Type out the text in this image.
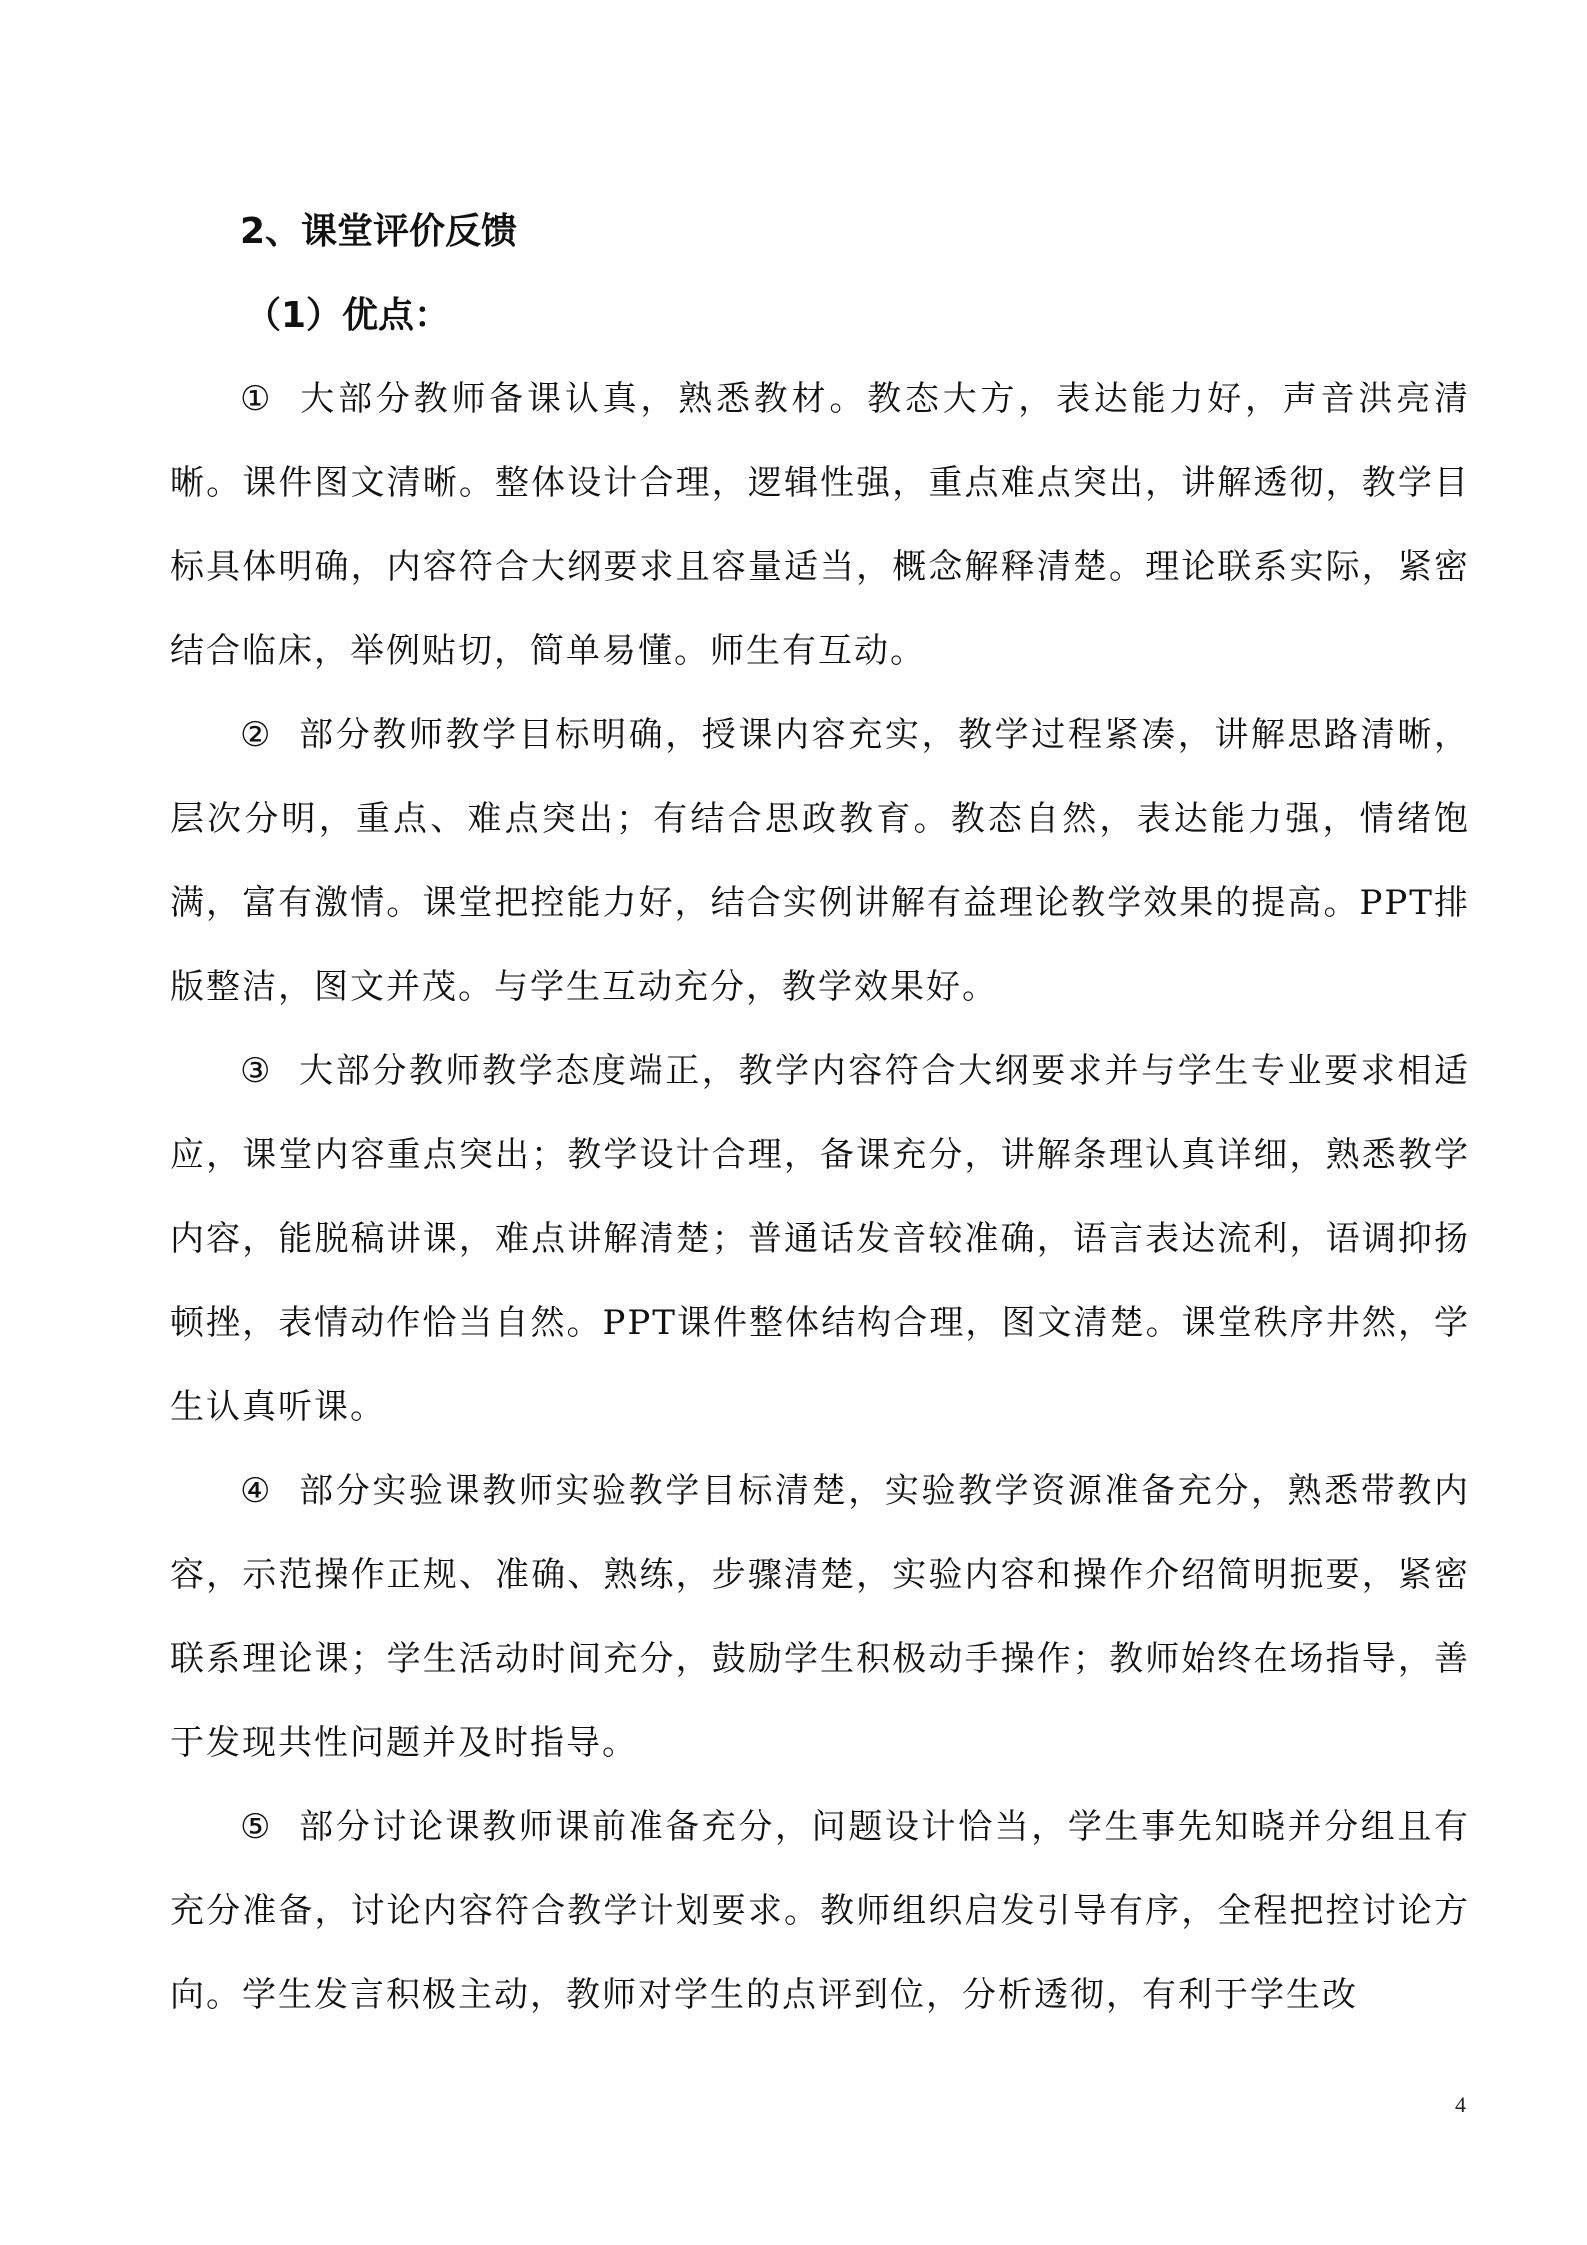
2、课堂评价反馈
（1）优点：

① 大部分教师备课认真，熟悉教材。教态大方，表达能力好，声音洪亮清晰。课件图文清晰。整体设计合理，逻辑性强，重点难点突出，讲解透彻，教学目标具体明确，内容符合大纲要求且容量适当，概念解释清楚。理论联系实际，紧密结合临床，举例贴切，简单易懂。师生有互动。

② 部分教师教学目标明确，授课内容充实，教学过程紧凑，讲解思路清晰，层次分明，重点、难点突出；有结合思政教育。教态自然，表达能力强，情绪饱满，富有激情。课堂把控能力好，结合实例讲解有益理论教学效果的提高。PPT排版整洁，图文并茂。与学生互动充分，教学效果好。

③ 大部分教师教学态度端正，教学内容符合大纲要求并与学生专业要求相适应，课堂内容重点突出；教学设计合理，备课充分，讲解条理认真详细，熟悉教学内容，能脱稿讲课，难点讲解清楚；普通话发音较准确，语言表达流利，语调抑扬顿挫，表情动作恰当自然。PPT课件整体结构合理，图文清楚。课堂秩序井然，学生认真听课。

④ 部分实验课教师实验教学目标清楚，实验教学资源准备充分，熟悉带教内容，示范操作正规、准确、熟练，步骤清楚，实验内容和操作介绍简明扼要，紧密联系理论课；学生活动时间充分，鼓励学生积极动手操作；教师始终在场指导，善于发现共性问题并及时指导。

⑤ 部分讨论课教师课前准备充分，问题设计恰当，学生事先知晓并分组且有充分准备，讨论内容符合教学计划要求。教师组织启发引导有序，全程把控讨论方向。学生发言积极主动，教师对学生的点评到位，分析透彻，有利于学生改

4
